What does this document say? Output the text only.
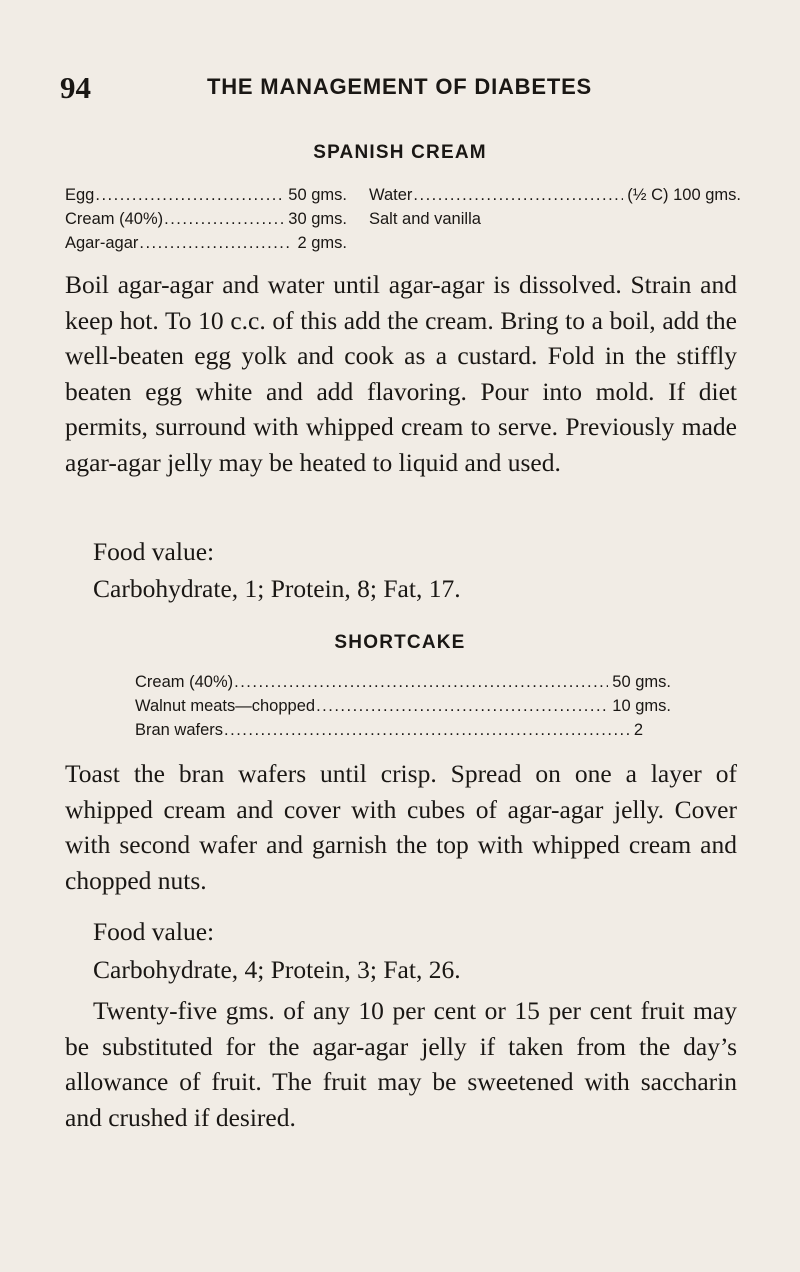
94	THE MANAGEMENT OF DIABETES
SPANISH CREAM
Egg .....	50 gms.
Cream (40%) .....	30 gms.
Agar-agar .....	2 gms.
Water .....	(½ C) 100 gms.
Salt and vanilla

Boil agar-agar and water until agar-agar is dissolved. Strain and keep hot. To 10 c.c. of this add the cream. Bring to a boil, add the well-beaten egg yolk and cook as a custard. Fold in the stiffly beaten egg white and add flavoring. Pour into mold. If diet permits, surround with whipped cream to serve. Previously made agar-agar jelly may be heated to liquid and used.

Food value:

Carbohydrate, 1; Protein, 8; Fat, 17.

SHORTCAKE
Cream (40%) .....	50 gms.
Walnut meats—chopped .....	10 gms.
Bran wafers .....	2

Toast the bran wafers until crisp. Spread on one a layer of whipped cream and cover with cubes of agar-agar jelly. Cover with second wafer and garnish the top with whipped cream and chopped nuts.

Food value:

Carbohydrate, 4; Protein, 3; Fat, 26.

Twenty-five gms. of any 10 per cent or 15 per cent fruit may be substituted for the agar-agar jelly if taken from the day’s allowance of fruit. The fruit may be sweetened with saccharin and crushed if desired.
